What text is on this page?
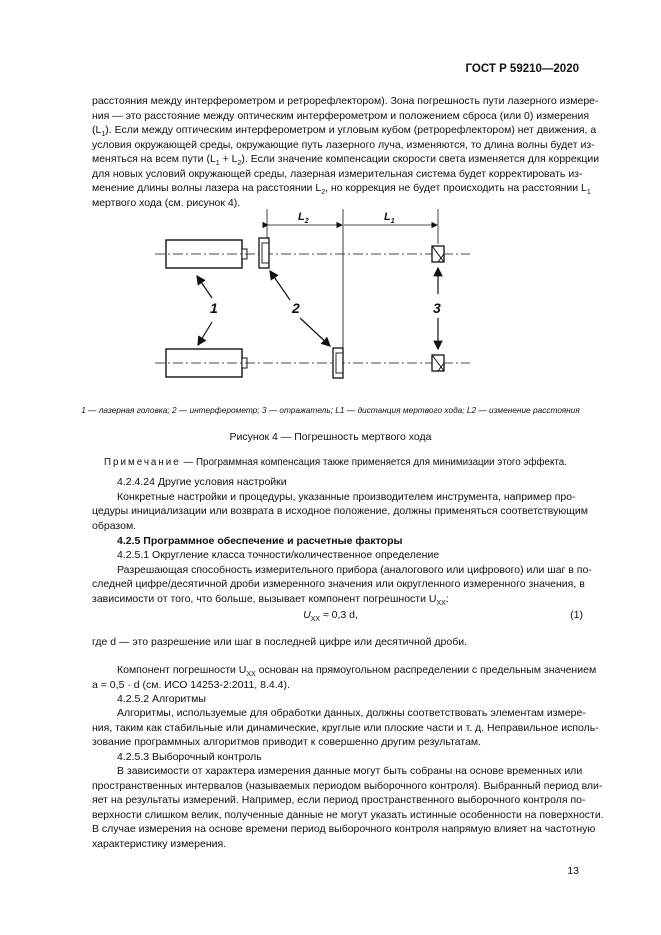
ГОСТ Р 59210—2020
расстояния между интерферометром и ретрорефлектором). Зона погрешность пути лазерного измере-
ния — это расстояние между оптическим интерферометром и положением сброса (или 0) измерения
$(L_1)$. Если между оптическим интерферометром и угловым кубом (ретрорефлектором) нет движения, а
условия окружающей среды, окружающие путь лазерного луча, изменяются, то длина волны будет из-
меняться на всем пути $(L_1 + L_2)$. Если значение компенсации скорости света изменяется для коррекции
для новых условий окружающей среды, лазерная измерительная система будет корректировать из-
менение длины волны лазера на расстоянии $L_2$, но коррекция не будет происходить на расстоянии $L_1$
мертвого хода (см. рисунок 4).
$L_2$	$L_1$
1	2	3
1 — лазерная головка; 2 — интерферометр; 3 — отражатель; L1 — дистанция мертвого хода; L2 — изменение расстояния
Рисунок 4 — Погрешность мертвого хода
Примечание — Программная компенсация также применяется для минимизации этого эффекта.
4.2.4.24 Другие условия настройки
Конкретные настройки и процедуры, указанные производителем инструмента, например про-
цедуры инициализации или возврата в исходное положение, должны применяться соответствующим
образом.
4.2.5 Программное обеспечение и расчетные факторы
4.2.5.1 Округление класса точности/количественное определение
Разрешающая способность измерительного прибора (аналогового или цифрового) или шаг в по-
следней цифре/десятичной дроби измеренного значения или округленного измеренного значения, в
зависимости от того, что больше, вызывает компонент погрешности $U_{XX}$:
$U_{XX} \approx 0,3$ d,	(1)
где d — это разрешение или шаг в последней цифре или десятичной дроби.
Компонент погрешности $U_{XX}$ основан на прямоугольном распределении с предельным значением
a = 0,5 · d (см. ИСО 14253-2:2011, 8.4.4).
4.2.5.2 Алгоритмы
Алгоритмы, используемые для обработки данных, должны соответствовать элементам измере-
ния, таким как стабильные или динамические, круглые или плоские части и т. д. Неправильное исполь-
зование программных алгоритмов приводит к совершенно другим результатам.
4.2.5.3 Выборочный контроль
В зависимости от характера измерения данные могут быть собраны на основе временных или
пространственных интервалов (называемых периодом выборочного контроля). Выбранный период вли-
яет на результаты измерений. Например, если период пространственного выборочного контроля по-
верхности слишком велик, полученные данные не могут указать истинные особенности на поверхности.
В случае измерения на основе времени период выборочного контроля напрямую влияет на частотную
характеристику измерения.
13
